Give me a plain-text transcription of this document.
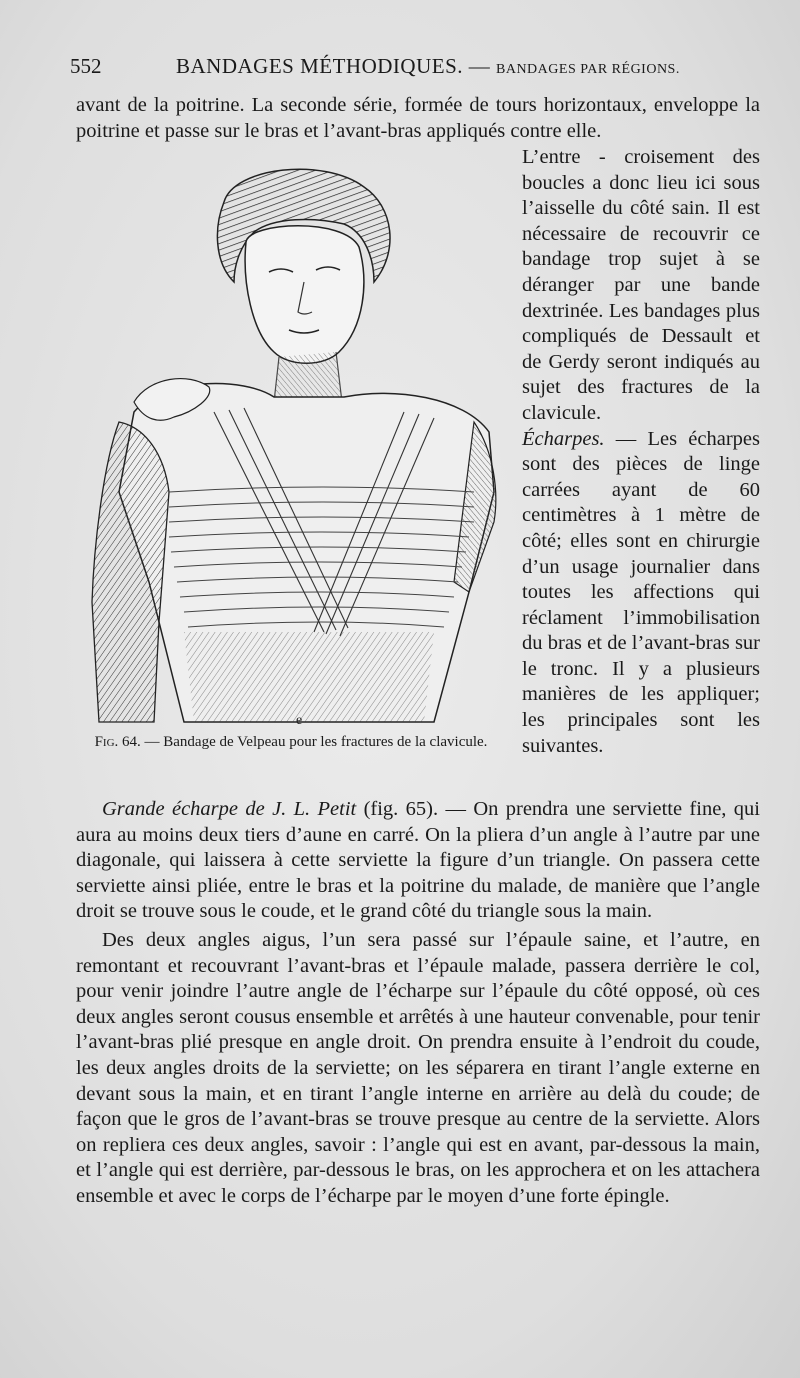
552	BANDAGES MÉTHODIQUES. — BANDAGES PAR RÉGIONS.

avant de la poitrine. La seconde série, formée de tours horizontaux, enveloppe la poitrine et passe sur le bras et l’avant-bras appliqués contre elle.

e
Fig. 64. — Bandage de Velpeau pour les fractures de la clavicule.

L’entre - croisement des boucles a donc lieu ici sous l’aisselle du côté sain. Il est nécessaire de recouvrir ce bandage trop sujet à se déranger par une bande dextrinée. Les bandages plus compliqués de Dessault et de Gerdy seront indiqués au sujet des fractures de la clavicule.

Écharpes. — Les écharpes sont des pièces de linge carrées ayant de 60 centimètres à 1 mètre de côté; elles sont en chirurgie d’un usage journalier dans toutes les affections qui réclament l’immobilisation du bras et de l’avant-bras sur le tronc. Il y a plusieurs manières de les appliquer; les principales sont les suivantes.

Grande écharpe de J. L. Petit (fig. 65). — On prendra une serviette fine, qui aura au moins deux tiers d’aune en carré. On la pliera d’un angle à l’autre par une diagonale, qui laissera à cette serviette la figure d’un triangle. On passera cette serviette ainsi pliée, entre le bras et la poitrine du malade, de manière que l’angle droit se trouve sous le coude, et le grand côté du triangle sous la main.

Des deux angles aigus, l’un sera passé sur l’épaule saine, et l’autre, en remontant et recouvrant l’avant-bras et l’épaule malade, passera derrière le col, pour venir joindre l’autre angle de l’écharpe sur l’épaule du côté opposé, où ces deux angles seront cousus ensemble et arrêtés à une hauteur convenable, pour tenir l’avant-bras plié presque en angle droit. On prendra ensuite à l’endroit du coude, les deux angles droits de la serviette; on les séparera en tirant l’angle externe en devant sous la main, et en tirant l’angle interne en arrière au delà du coude; de façon que le gros de l’avant-bras se trouve presque au centre de la serviette. Alors on repliera ces deux angles, savoir : l’angle qui est en avant, par-dessous la main, et l’angle qui est derrière, par-dessous le bras, on les approchera et on les attachera ensemble et avec le corps de l’écharpe par le moyen d’une forte épingle.
